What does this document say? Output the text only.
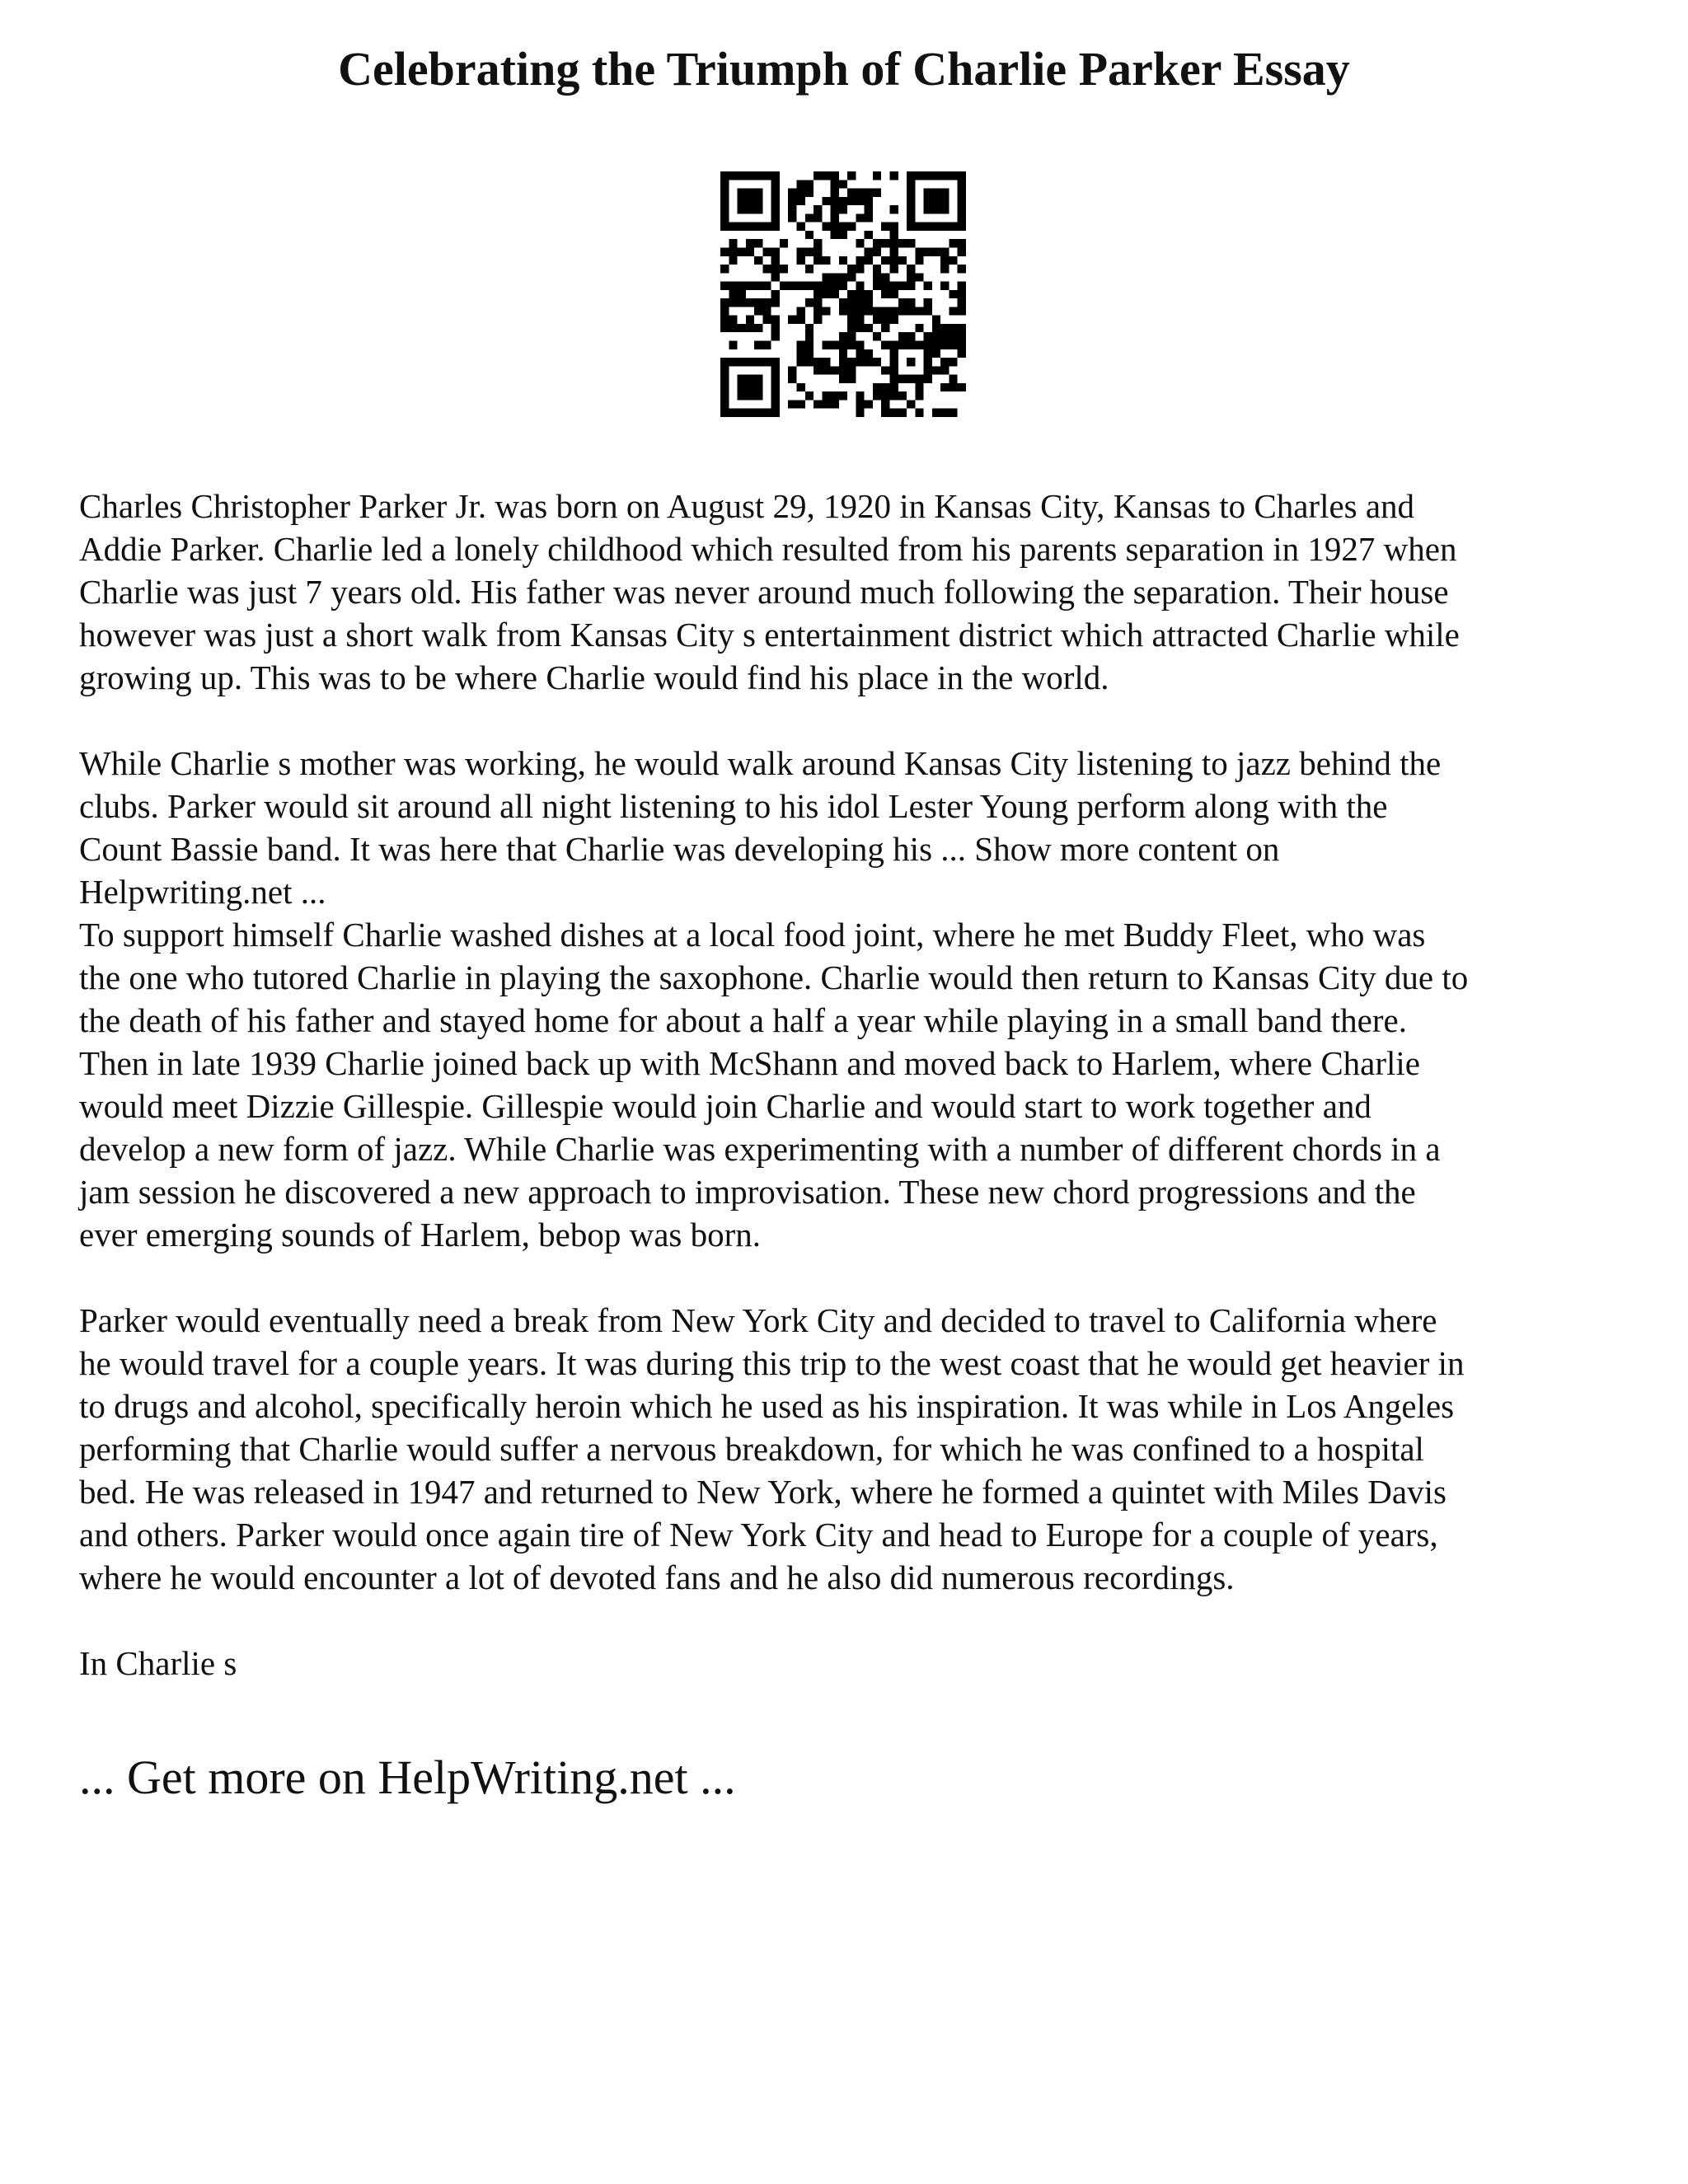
Celebrating the Triumph of Charlie Parker Essay

Charles Christopher Parker Jr. was born on August 29, 1920 in Kansas City, Kansas to Charles and
Addie Parker. Charlie led a lonely childhood which resulted from his parents separation in 1927 when
Charlie was just 7 years old. His father was never around much following the separation. Their house
however was just a short walk from Kansas City s entertainment district which attracted Charlie while
growing up. This was to be where Charlie would find his place in the world.

While Charlie s mother was working, he would walk around Kansas City listening to jazz behind the
clubs. Parker would sit around all night listening to his idol Lester Young perform along with the
Count Bassie band. It was here that Charlie was developing his ... Show more content on
Helpwriting.net ...

To support himself Charlie washed dishes at a local food joint, where he met Buddy Fleet, who was
the one who tutored Charlie in playing the saxophone. Charlie would then return to Kansas City due to
the death of his father and stayed home for about a half a year while playing in a small band there.
Then in late 1939 Charlie joined back up with McShann and moved back to Harlem, where Charlie
would meet Dizzie Gillespie. Gillespie would join Charlie and would start to work together and
develop a new form of jazz. While Charlie was experimenting with a number of different chords in a
jam session he discovered a new approach to improvisation. These new chord progressions and the
ever emerging sounds of Harlem, bebop was born.

Parker would eventually need a break from New York City and decided to travel to California where
he would travel for a couple years. It was during this trip to the west coast that he would get heavier in
to drugs and alcohol, specifically heroin which he used as his inspiration. It was while in Los Angeles
performing that Charlie would suffer a nervous breakdown, for which he was confined to a hospital
bed. He was released in 1947 and returned to New York, where he formed a quintet with Miles Davis
and others. Parker would once again tire of New York City and head to Europe for a couple of years,
where he would encounter a lot of devoted fans and he also did numerous recordings.

In Charlie s

... Get more on HelpWriting.net ...
